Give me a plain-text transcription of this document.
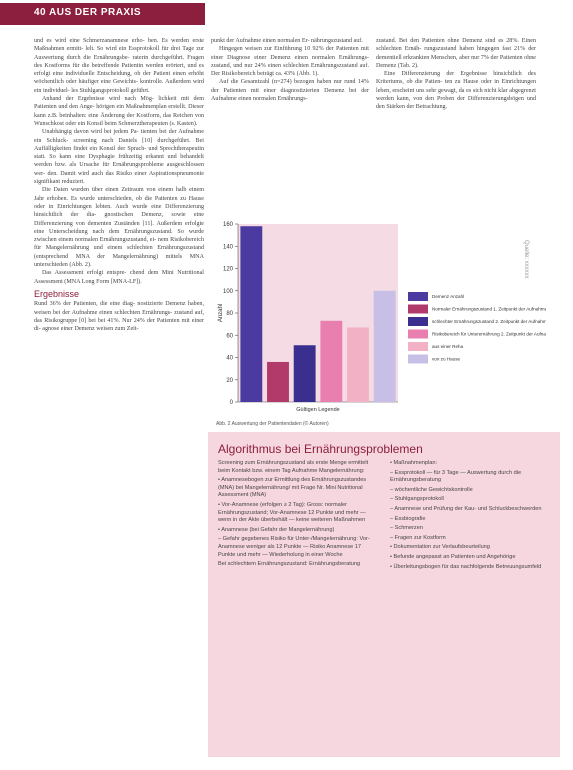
40 AUS DER PRAXIS
Quelle: xxxxxx

und es wird eine Schmerzanamnese erho- ben. Es werden erste Maßnahmen ermitt- lelt. So wird ein Essprotokoll für drei Tage zur Auswertung durch die Ernährungsbe- raterin durchgeführt. Fragen des Kostforms für die betreffende Patientin werden erörtert, und es erfolgt eine individuelle Entscheidung, ob der Patient einen erhöht wöchentlich oder häufiger eine Gewichts- kontrolle. Außerdem wird ein individuel- les Stuhlgangsprotokoll geführt.

Anhand der Ergebnisse wird nach Mög- lichkeit mit dem Patienten und den Ange- hörigen ein Maßnahmenplan erstellt. Dieser kann z.B. beinhalten: eine Änderung der Kostform, das Reichen von Wunschkost oder ein Konsil beim Schmerztherapeuten (s. Kasten).

Unabhängig davon wird bei jedem Pa- tienten bei der Aufnahme ein Schluck- screening nach Daniels [10] durchgeführt. Bei Auffälligkeiten findet ein Konsil der Sprach- und Sprechtherapeutin statt. So kann eine Dysphagie frühzeitig erkannt und behandelt werden bzw. als Ursache für Ernährungsprobleme ausgeschlossen wer- den. Damit wird auch das Risiko einer Aspirationspneumonie signifikant reduziert.

Die Daten wurden über einen Zeitraum von einem halb einem Jahr erhoben. Es wurde unterschieden, ob die Patienten zu Hause oder in Einrichtungen lebten. Auch wurde eine Differenzierung hinsichtlich der dia- gnostischen Demenz, sowie eine Differenzierung von dementen Zuständen [11]. Außerdem erfolgte eine Unterscheidung nach dem Ernährungszustand. So wurde zwischen einem normalen Ernährungszustand, ei- nem Risikobereich für Mangelernährung und einem schlechten Ernährungszustand (entsprechend MNA der Mangelernährung) mittels MNA unterschieden (Abb. 2).

Das Assessment erfolgt entspre- chend dem Mini Nutritional Assessment (MNA Long Form [MNA-LF]).

Ergebnisse

Rund 36% der Patienten, die eine diag- nostizierte Demenz haben, weisen bei der Aufnahme einen schlechten Ernährungs- zustand auf, das Risikogruppe [0] bei bei 41%. Nur 24% der Patienten mit einer di- agnose einer Demenz weisen zum Zeit-

punkt der Aufnahme einen normalen Er- nährungszustand auf.

Hingegen weisen zur Einführung 10 92% der Patienten mit einer Diagnose einer Demenz einen normalen Ernährungs- zustand, und nur 24% einen schlechten Ernährungszustand auf. Der Risikobereich beträgt ca. 43% (Abb. 1).

Auf die Gesamtzahl (n=274) bezogen haben nur rund 14% der Patienten mit einer diagnostizierten Demenz bei der Aufnahme einen normalen Ernährungs-

zustand. Bei den Patienten ohne Demenz sind es 28%. Einen schlechten Ernäh- rungszustand haben hingegen fast 21% der dementiell erkrankten Menschen, aber nur 7% der Patienten ohne Demenz (Tab. 2).

Eine Differenzierung der Ergebnisse hinsichtlich des Kriteriums, ob die Patien- ten zu Hause oder in Einrichtungen leben, erscheint uns sehr gewagt, da es sich nicht klar abgegrenzt werden kann, von den Proben der Differenzierungsbögen und den Stärken der Betrachtung.

0
20
40
60
80
100
120
140
160
Anzahl
Gültigen Legende
Demenz Anzahl
Normaler Ernährungszustand 1. Zeitpunkt der Aufnahme
schlechter Ernährungszustand 2. Zeitpunkt der Aufnahme
Risikobereich für Unterernährung 2. Zeitpunkt der Aufnahme
aus einer Reha
von zu Hause
Abb. 2 Auswertung der Patientendaten (© Autoren)
Algorithmus bei Ernährungsproblemen

Screening zum Ernährungszustand als erste Menge ermittelt beim Kontakt bzw. einem Tag Aufnahme Mangelernährung:

• Anamnesebogen zur Ermittlung des Ernährungszustandes (MNA) bei Mangelernährung/ mit Frage Nr. Mini Nutritional Assessment (MNA)

• Vor-Anamnese (erfolgen ≥ 2 Tag): Gross: normaler Ernährungszustand; Vor-Anamnese 12 Punkte und mehr — wenn in der Akte überbehält — keine weiteren Maßnahmen

• Anamnese (bei Gefahr der Mangelernährung)

– Gefahr gegebenes Risiko für Unter-/Mangelernährung: Vor-Anamnese weniger als 12 Punkte — Risiko Anamnese 17 Punkte und mehr — Wiederholung in einer Woche

Bei schlechtem Ernährungszustand: Ernährungsberatung

• Maßnahmenplan:

– Essprotokoll — für 3 Tage — Auswertung durch die Ernährungsberatung

– wöchentliche Gewichtskontrolle

– Stuhlgangsprotokoll

– Anamnese und Prüfung der Kau- und Schluckbeschwerden

– Essbiografie

– Schmerzen

– Fragen zur Kostform

• Dokumentation zur Verlaufsbeurteilung

• Befunde angepasst an Patienten und Angehörige

• Überleitungsbogen für das nachfolgende Betreuungsumfeld
